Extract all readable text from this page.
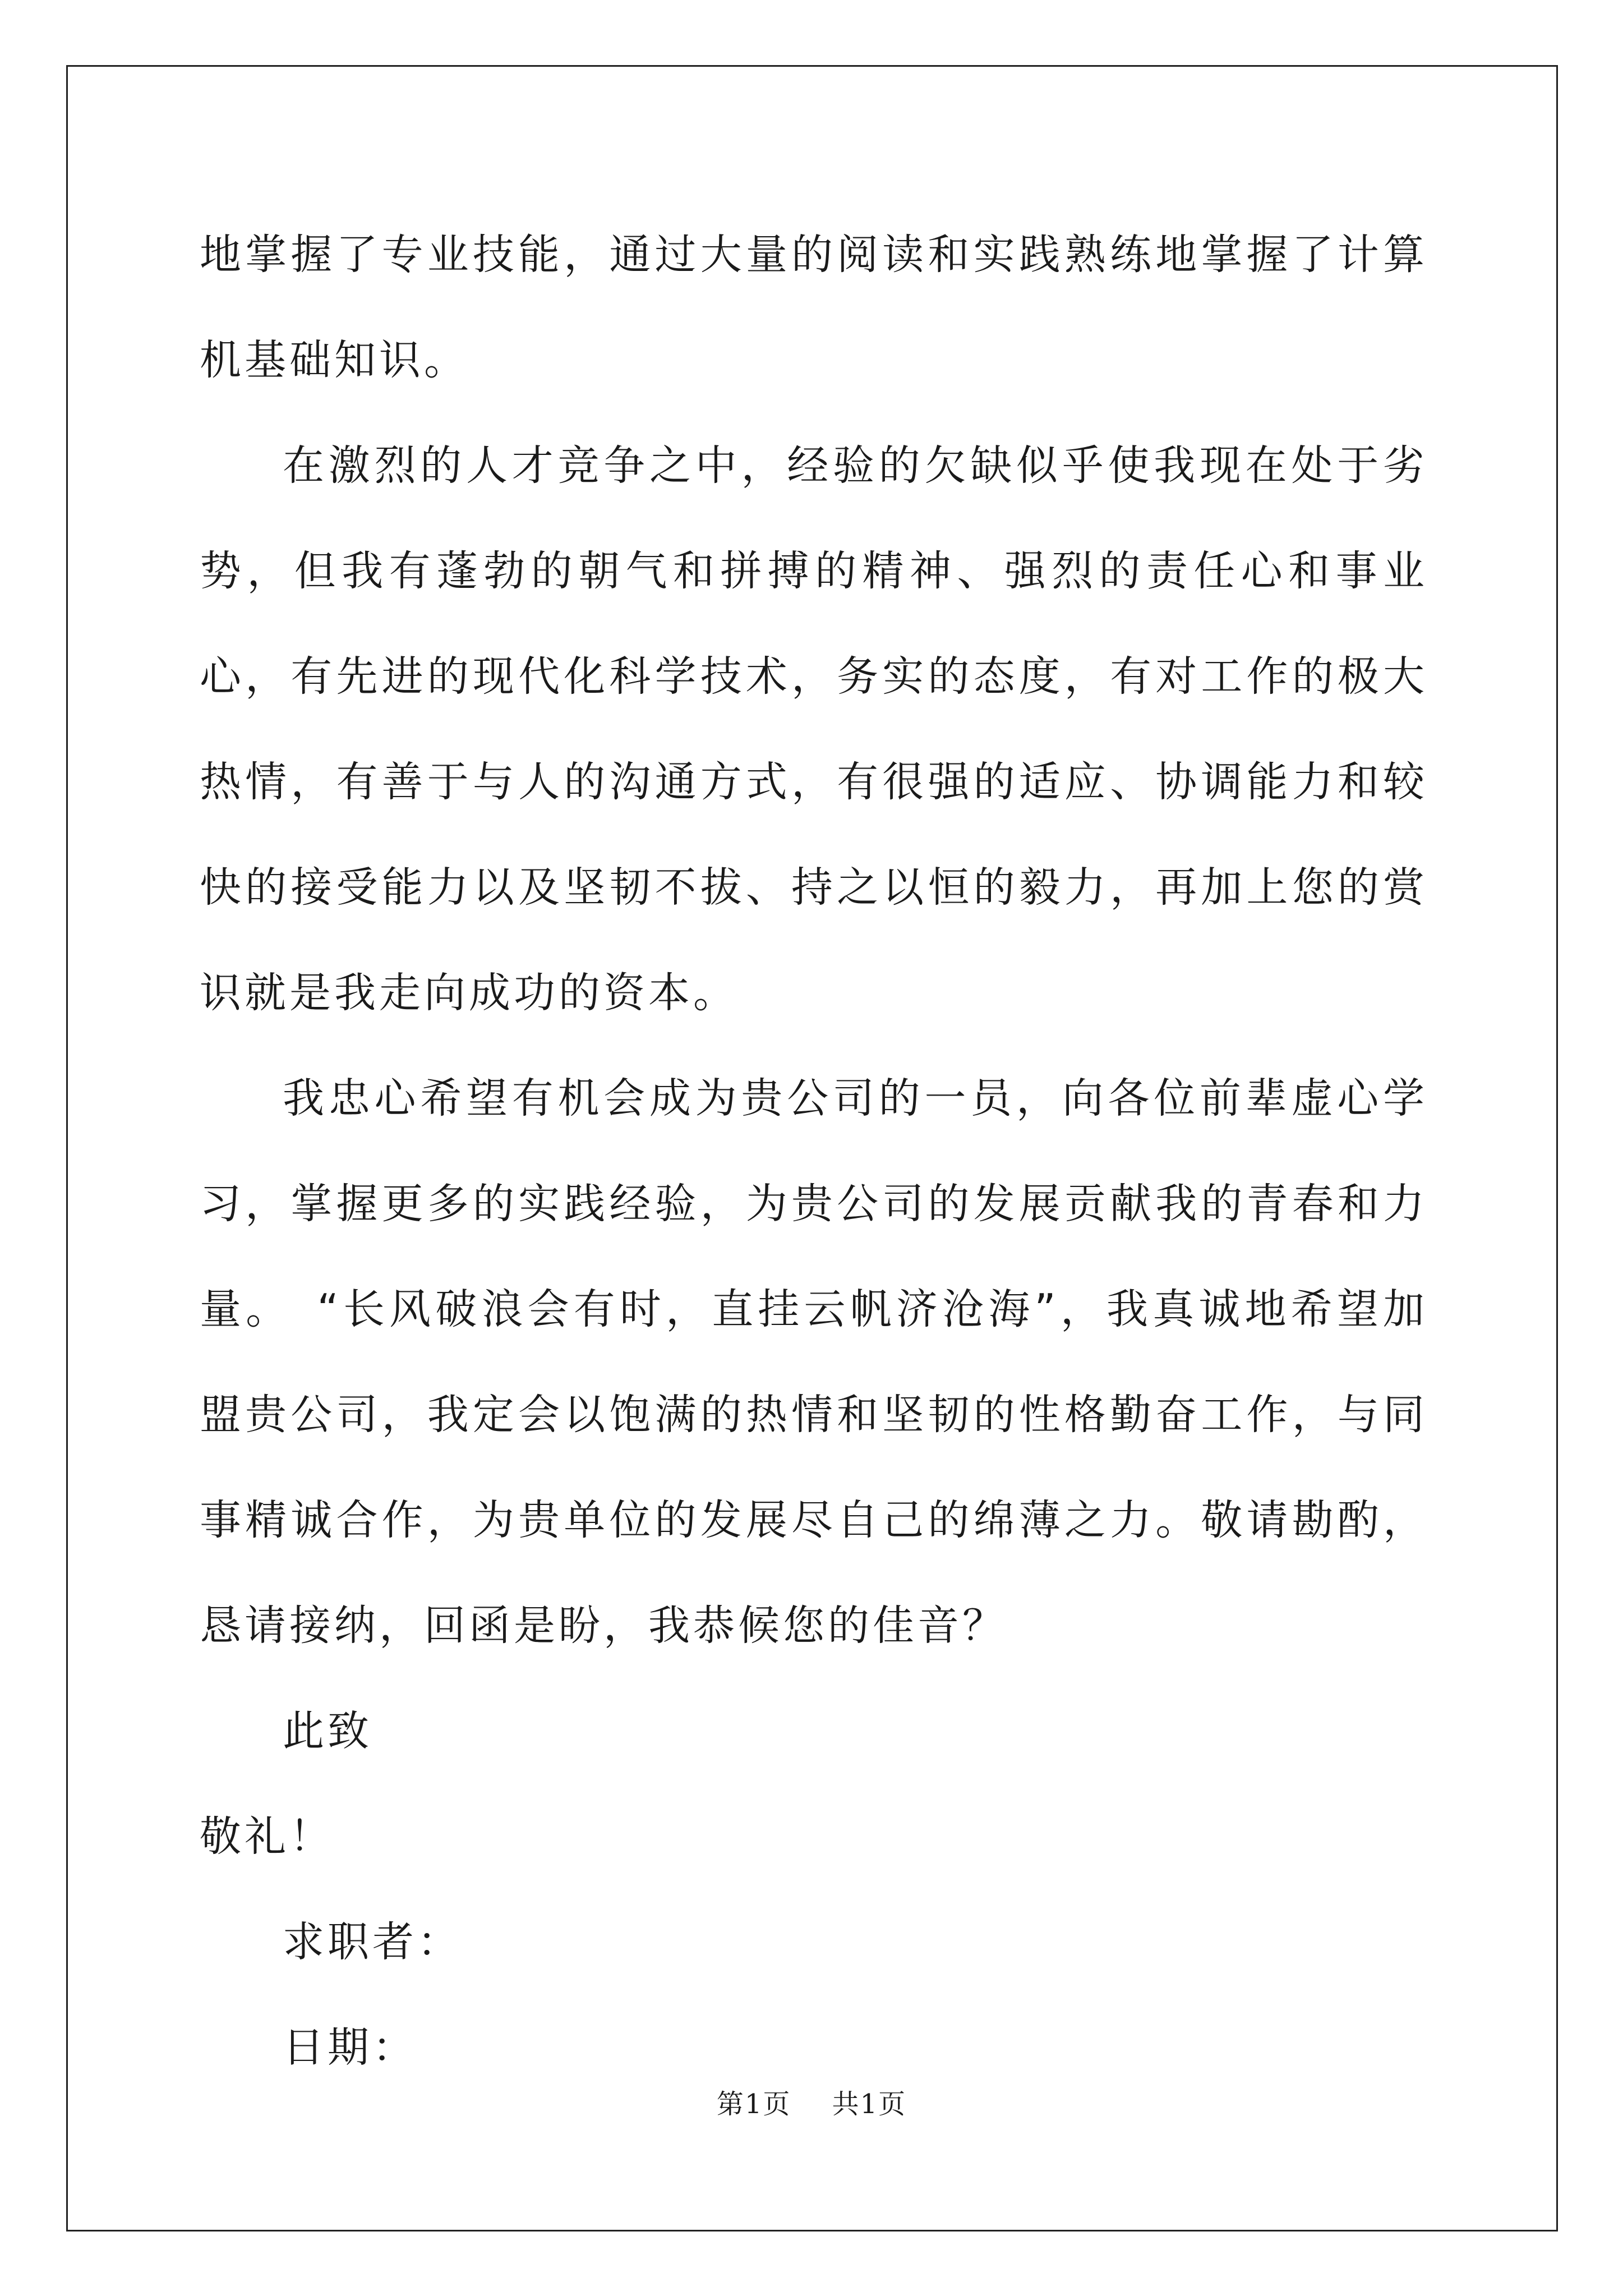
地掌握了专业技能，通过大量的阅读和实践熟练地掌握了计算机基础知识。

在激烈的人才竞争之中，经验的欠缺似乎使我现在处于劣势，但我有蓬勃的朝气和拼搏的精神、强烈的责任心和事业心，有先进的现代化科学技术，务实的态度，有对工作的极大热情，有善于与人的沟通方式，有很强的适应、协调能力和较快的接受能力以及坚韧不拔、持之以恒的毅力，再加上您的赏识就是我走向成功的资本。

我忠心希望有机会成为贵公司的一员，向各位前辈虚心学习，掌握更多的实践经验，为贵公司的发展贡献我的青春和力量。　“长风破浪会有时，直挂云帆济沧海”，我真诚地希望加盟贵公司，我定会以饱满的热情和坚韧的性格勤奋工作，与同事精诚合作，为贵单位的发展尽自己的绵薄之力。敬请勘酌，恳请接纳，回函是盼，我恭候您的佳音？

此致

敬礼！

求职者：

日期：

第1页 共1页
